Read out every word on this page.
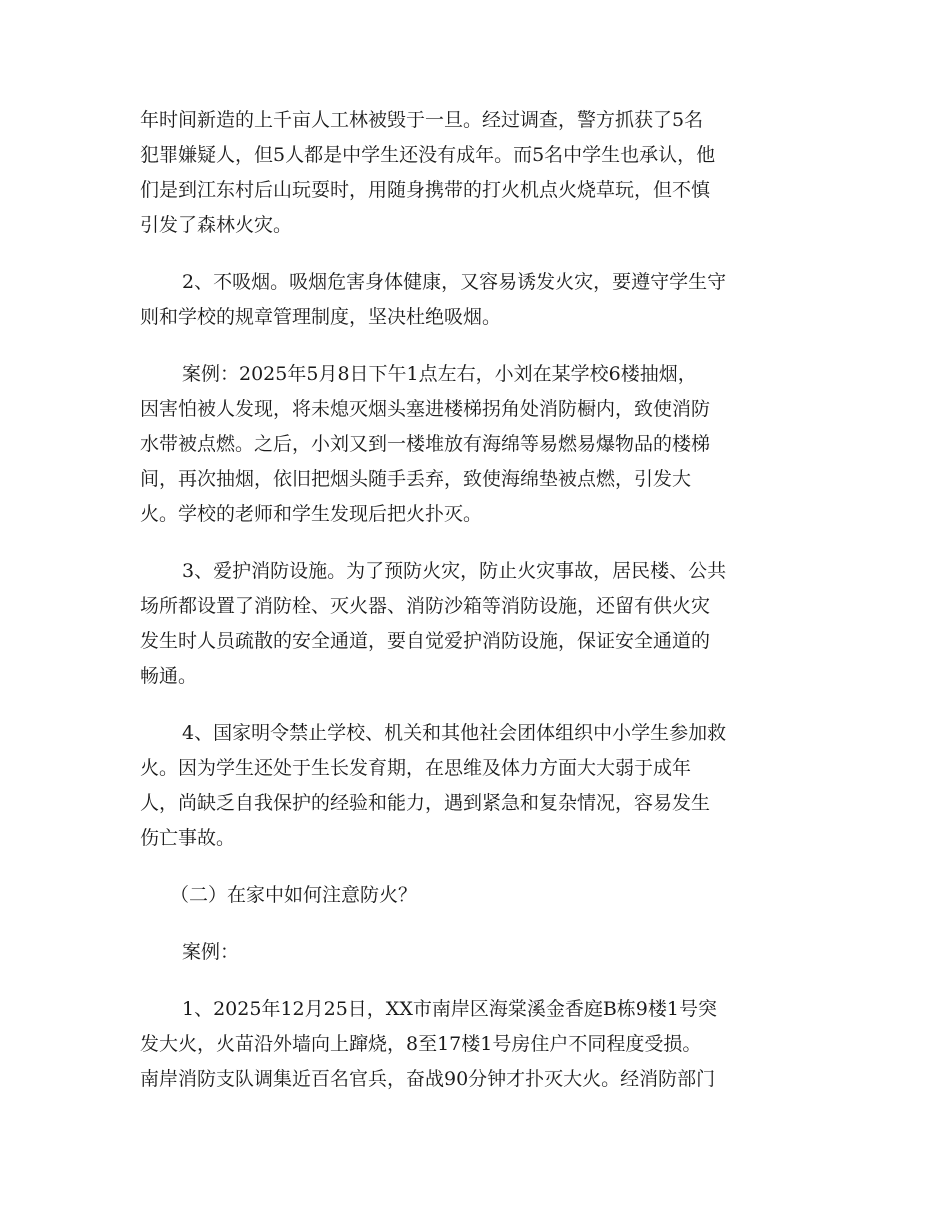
年时间新造的上千亩人工林被毁于一旦。经过调查，警方抓获了5名
犯罪嫌疑人，但5人都是中学生还没有成年。而5名中学生也承认，他
们是到江东村后山玩耍时，用随身携带的打火机点火烧草玩，但不慎
引发了森林火灾。

2、不吸烟。吸烟危害身体健康，又容易诱发火灾，要遵守学生守
则和学校的规章管理制度，坚决杜绝吸烟。

案例：2025年5月8日下午1点左右，小刘在某学校6楼抽烟，
因害怕被人发现，将未熄灭烟头塞进楼梯拐角处消防橱内，致使消防
水带被点燃。之后，小刘又到一楼堆放有海绵等易燃易爆物品的楼梯
间，再次抽烟，依旧把烟头随手丢弃，致使海绵垫被点燃，引发大
火。学校的老师和学生发现后把火扑灭。

3、爱护消防设施。为了预防火灾，防止火灾事故，居民楼、公共
场所都设置了消防栓、灭火器、消防沙箱等消防设施，还留有供火灾
发生时人员疏散的安全通道，要自觉爱护消防设施，保证安全通道的
畅通。

4、国家明令禁止学校、机关和其他社会团体组织中小学生参加救
火。因为学生还处于生长发育期，在思维及体力方面大大弱于成年
人，尚缺乏自我保护的经验和能力，遇到紧急和复杂情况，容易发生
伤亡事故。

（二）在家中如何注意防火？

案例：

1、2025年12月25日，XX市南岸区海棠溪金香庭B栋9楼1号突
发大火，火苗沿外墙向上蹿烧，8至17楼1号房住户不同程度受损。
南岸消防支队调集近百名官兵，奋战90分钟才扑灭大火。经消防部门
